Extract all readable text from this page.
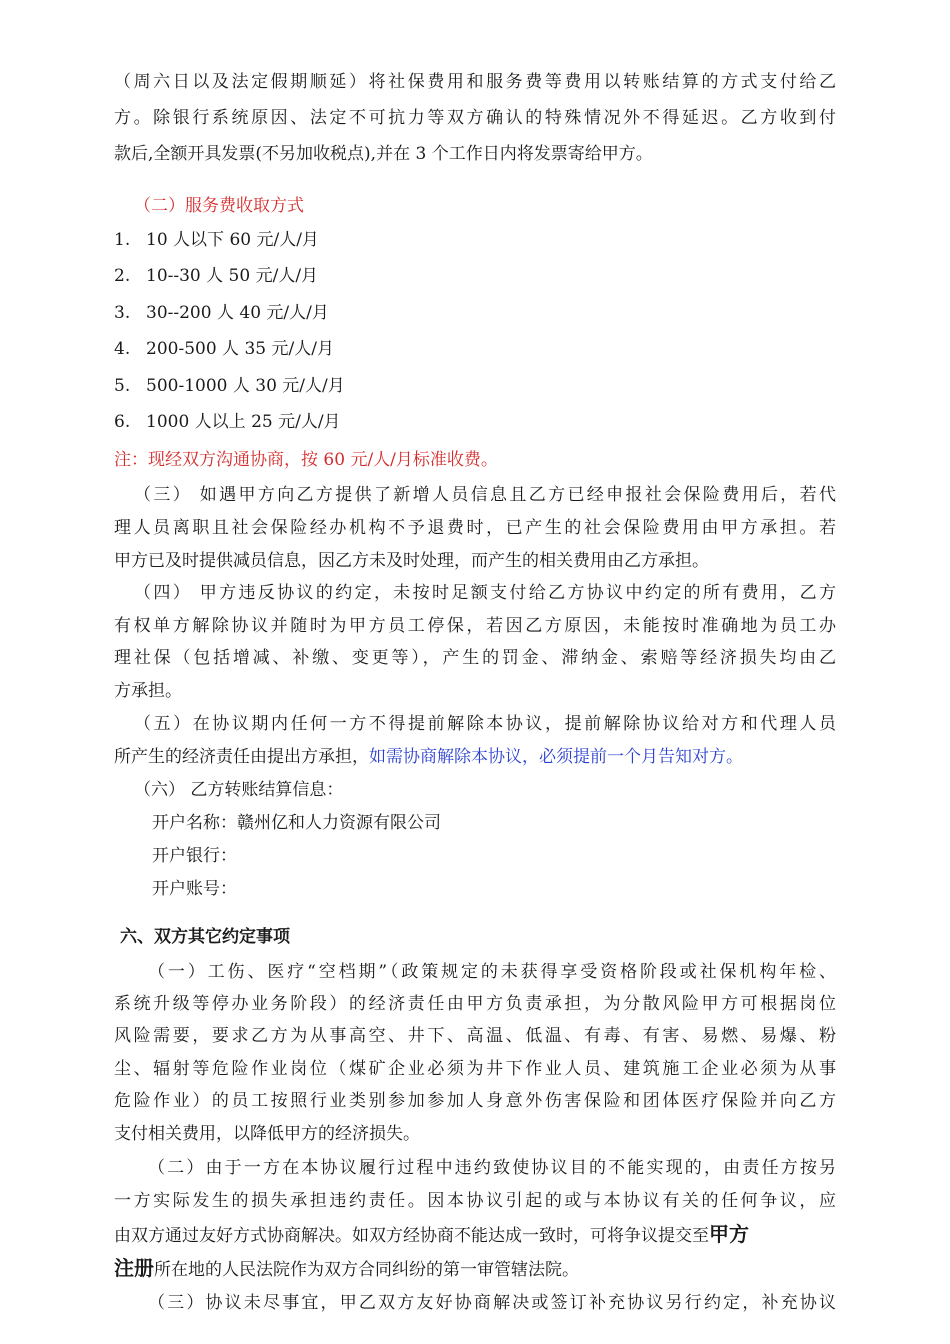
（周六日以及法定假期顺延）将社保费用和服务费等费用以转账结算的方式支付给乙
方。除银行系统原因、法定不可抗力等双方确认的特殊情况外不得延迟。乙方收到付
款后,全额开具发票(不另加收税点),并在 3 个工作日内将发票寄给甲方。
（二）服务费收取方式
1. 10 人以下 60 元/人/月
2. 10--30 人 50 元/人/月
3. 30--200 人 40 元/人/月
4. 200-500 人 35 元/人/月
5. 500-1000 人 30 元/人/月
6. 1000 人以上 25 元/人/月
注：现经双方沟通协商，按 60 元/人/月标准收费。
（三） 如遇甲方向乙方提供了新增人员信息且乙方已经申报社会保险费用后，若代
理人员离职且社会保险经办机构不予退费时，已产生的社会保险费用由甲方承担。若
甲方已及时提供减员信息，因乙方未及时处理，而产生的相关费用由乙方承担。
（四） 甲方违反协议的约定，未按时足额支付给乙方协议中约定的所有费用，乙方
有权单方解除协议并随时为甲方员工停保，若因乙方原因，未能按时准确地为员工办
理社保（包括增减、补缴、变更等），产生的罚金、滞纳金、索赔等经济损失均由乙
方承担。
（五）在协议期内任何一方不得提前解除本协议，提前解除协议给对方和代理人员
所产生的经济责任由提出方承担，如需协商解除本协议，必须提前一个月告知对方。
（六） 乙方转账结算信息：
开户名称：赣州亿和人力资源有限公司
开户银行：
开户账号：
六、双方其它约定事项
（一）工伤、医疗“空档期”（政策规定的未获得享受资格阶段或社保机构年检、
系统升级等停办业务阶段）的经济责任由甲方负责承担，为分散风险甲方可根据岗位
风险需要，要求乙方为从事高空、井下、高温、低温、有毒、有害、易燃、易爆、粉
尘、辐射等危险作业岗位（煤矿企业必须为井下作业人员、建筑施工企业必须为从事
危险作业）的员工按照行业类别参加参加人身意外伤害保险和团体医疗保险并向乙方
支付相关费用，以降低甲方的经济损失。
（二）由于一方在本协议履行过程中违约致使协议目的不能实现的，由责任方按另
一方实际发生的损失承担违约责任。因本协议引起的或与本协议有关的任何争议，应
由双方通过友好方式协商解决。如双方经协商不能达成一致时，可将争议提交至甲方
注册所在地的人民法院作为双方合同纠纷的第一审管辖法院。
（三）协议未尽事宜，甲乙双方友好协商解决或签订补充协议另行约定，补充协议
